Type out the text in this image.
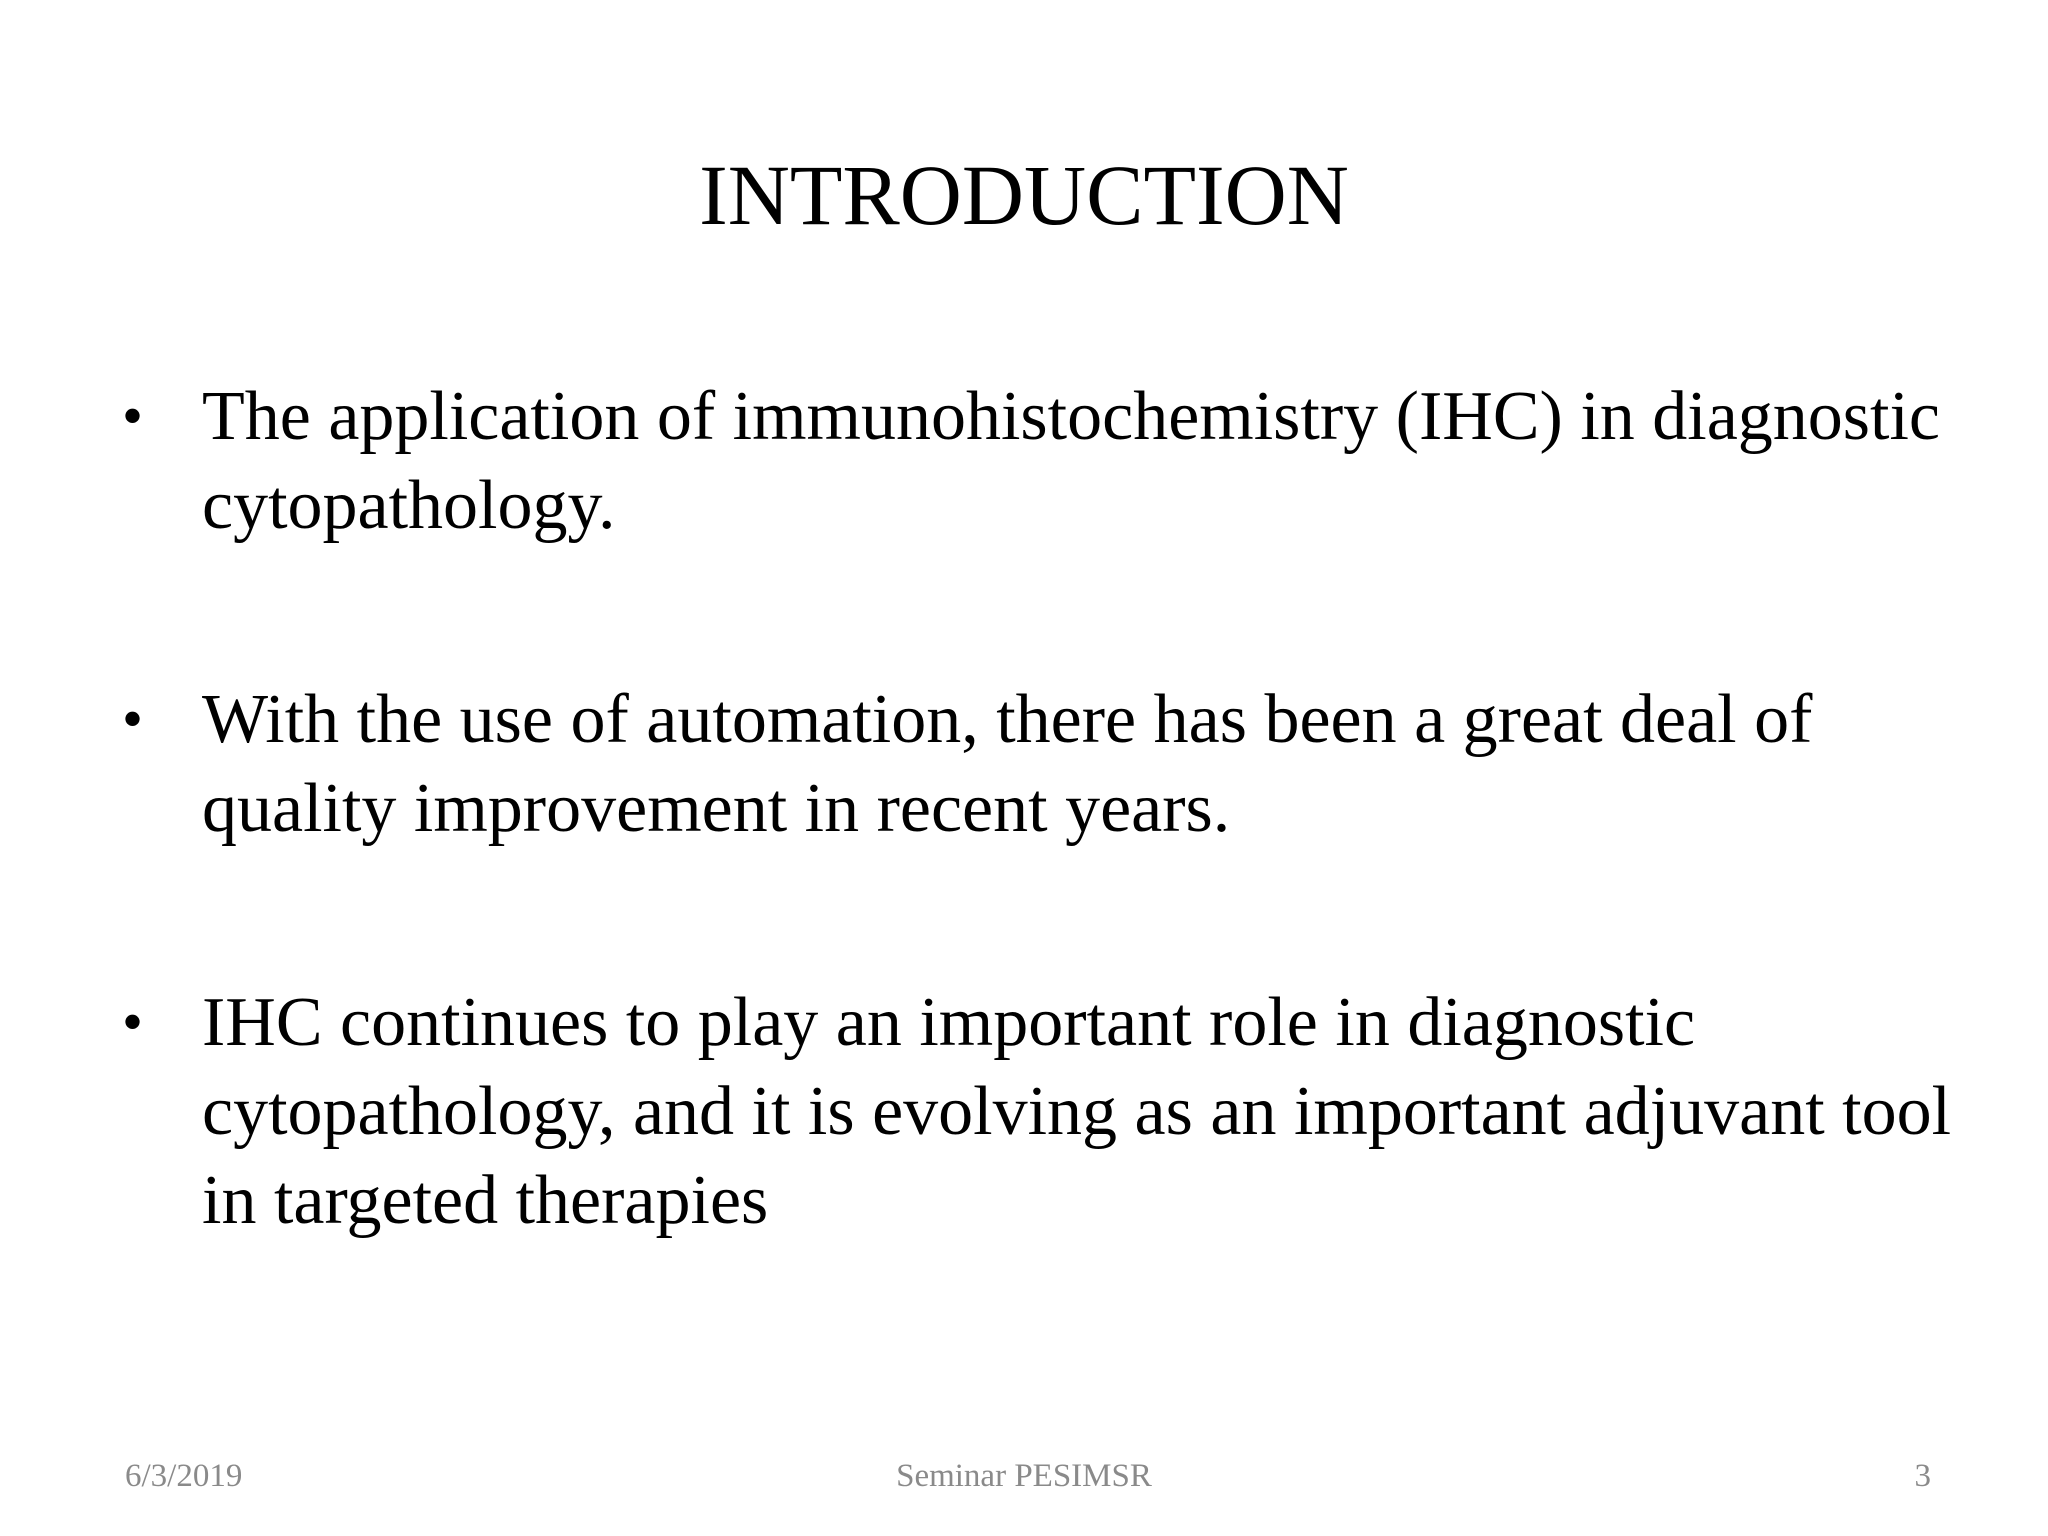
INTRODUCTION
• The application of immunohistochemistry (IHC) in diagnostic cytopathology.
• With the use of automation, there has been a great deal of quality improvement in recent years.
• IHC continues to play an important role in diagnostic cytopathology, and it is evolving as an important adjuvant tool in targeted therapies
6/3/2019	Seminar PESIMSR	3
